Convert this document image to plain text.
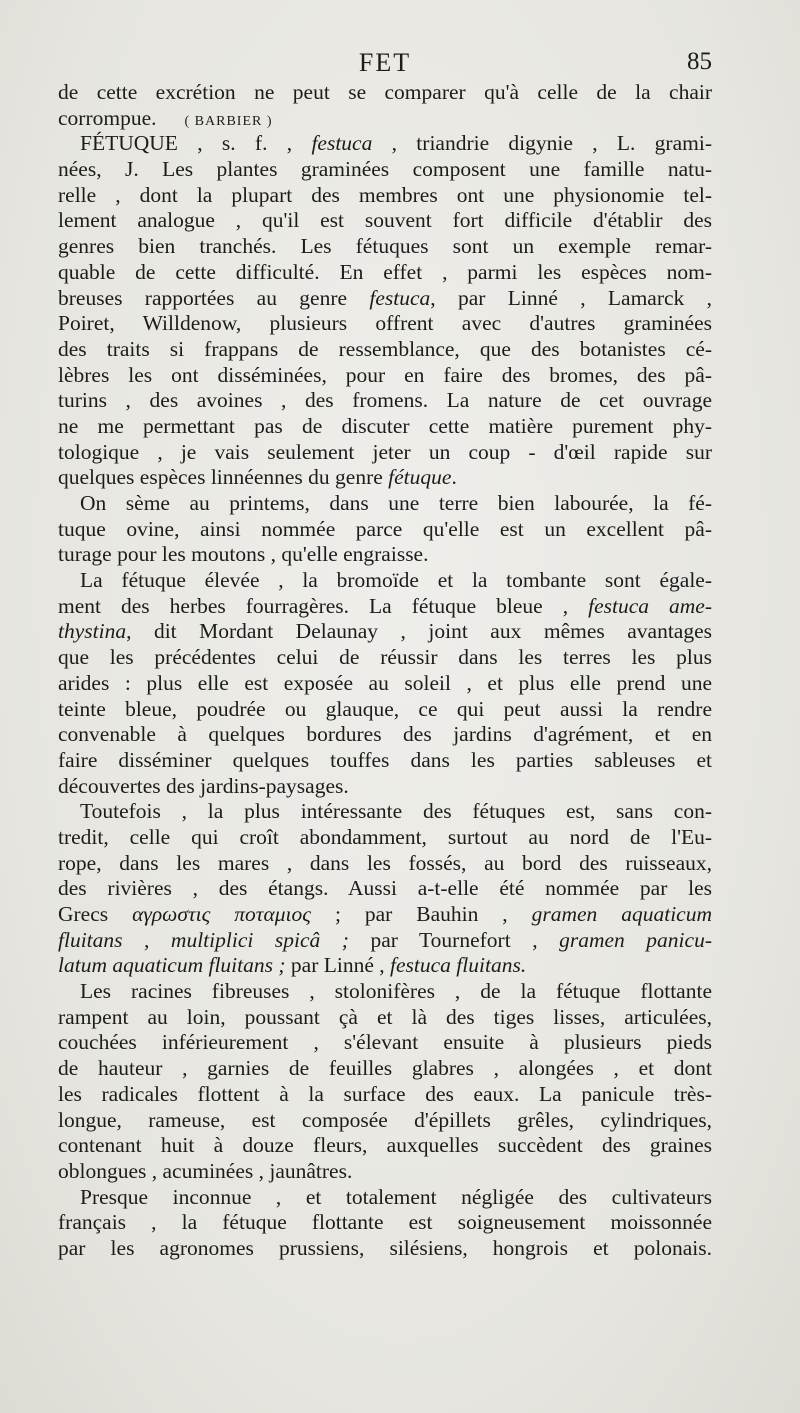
FET	85
de cette excrétion ne peut se comparer qu'à celle de la chair
corrompue. ( BARBIER )
FÉTUQUE , s. f. , festuca , triandrie digynie , L. grami-
nées, J. Les plantes graminées composent une famille natu-
relle , dont la plupart des membres ont une physionomie tel-
lement analogue , qu'il est souvent fort difficile d'établir des
genres bien tranchés. Les fétuques sont un exemple remar-
quable de cette difficulté. En effet , parmi les espèces nom-
breuses rapportées au genre festuca, par Linné , Lamarck ,
Poiret, Willdenow, plusieurs offrent avec d'autres graminées
des traits si frappans de ressemblance, que des botanistes cé-
lèbres les ont disséminées, pour en faire des bromes, des pâ-
turins , des avoines , des fromens. La nature de cet ouvrage
ne me permettant pas de discuter cette matière purement phy-
tologique , je vais seulement jeter un coup - d'œil rapide sur
quelques espèces linnéennes du genre fétuque.
On sème au printems, dans une terre bien labourée, la fé-
tuque ovine, ainsi nommée parce qu'elle est un excellent pâ-
turage pour les moutons , qu'elle engraisse.
La fétuque élevée , la bromoïde et la tombante sont égale-
ment des herbes fourragères. La fétuque bleue , festuca ame-
thystina, dit Mordant Delaunay , joint aux mêmes avantages
que les précédentes celui de réussir dans les terres les plus
arides : plus elle est exposée au soleil , et plus elle prend une
teinte bleue, poudrée ou glauque, ce qui peut aussi la rendre
convenable à quelques bordures des jardins d'agrément, et en
faire disséminer quelques touffes dans les parties sableuses et
découvertes des jardins-paysages.
Toutefois , la plus intéressante des fétuques est, sans con-
tredit, celle qui croît abondamment, surtout au nord de l'Eu-
rope, dans les mares , dans les fossés, au bord des ruisseaux,
des rivières , des étangs. Aussi a-t-elle été nommée par les
Grecs αγρωστις ποταμιος ; par Bauhin , gramen aquaticum
fluitans , multiplici spicâ ; par Tournefort , gramen panicu-
latum aquaticum fluitans ; par Linné , festuca fluitans.
Les racines fibreuses , stolonifères , de la fétuque flottante
rampent au loin, poussant çà et là des tiges lisses, articulées,
couchées inférieurement , s'élevant ensuite à plusieurs pieds
de hauteur , garnies de feuilles glabres , alongées , et dont
les radicales flottent à la surface des eaux. La panicule très-
longue, rameuse, est composée d'épillets grêles, cylindriques,
contenant huit à douze fleurs, auxquelles succèdent des graines
oblongues , acuminées , jaunâtres.
Presque inconnue , et totalement négligée des cultivateurs
français , la fétuque flottante est soigneusement moissonnée
par les agronomes prussiens, silésiens, hongrois et polonais.
